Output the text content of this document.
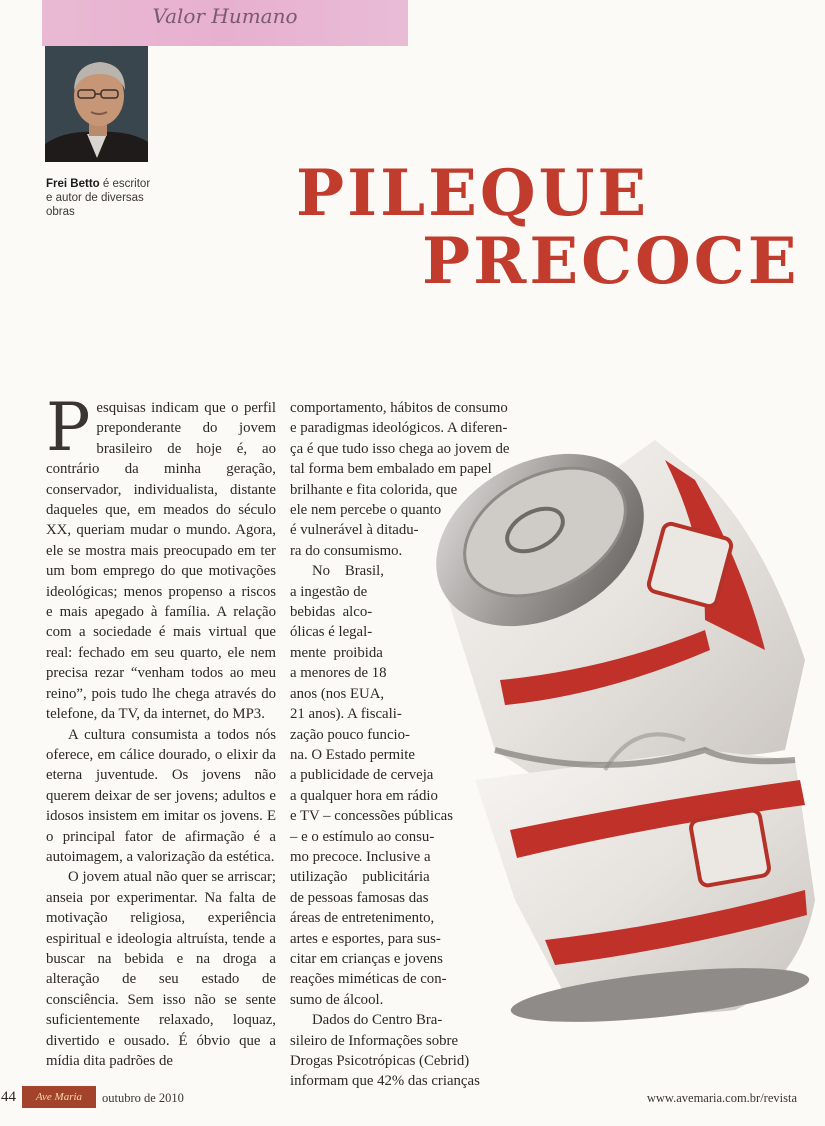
Valor Humano
Frei Betto é escritor e autor de diversas obras	PILEQUE
PRECOCE

Pesquisas indicam que o perfil preponderante do jovem brasileiro de hoje é, ao contrário da minha geração, conservador, individualista, distante daqueles que, em meados do século XX, queriam mudar o mundo. Agora, ele se mostra mais preocupado em ter um bom emprego do que motivações ideológicas; menos propenso a riscos e mais apegado à família. A relação com a sociedade é mais virtual que real: fechado em seu quarto, ele nem precisa rezar “venham todos ao meu reino”, pois tudo lhe chega através do telefone, da TV, da internet, do MP3.

A cultura consumista a todos nós oferece, em cálice dourado, o elixir da eterna juventude. Os jovens não querem deixar de ser jovens; adultos e idosos insistem em imitar os jovens. E o principal fator de afirmação é a autoimagem, a valorização da estética.

O jovem atual não quer se arriscar; anseia por experimentar. Na falta de motivação religiosa, experiência espiritual e ideologia altruísta, tende a buscar na bebida e na droga a alteração de seu estado de consciência. Sem isso não se sente suficientemente relaxado, loquaz, divertido e ousado. É óbvio que a mídia dita padrões de

comportamento, hábitos de consumo
e paradigmas ideológicos. A diferen-
ça é que tudo isso chega ao jovem de
tal forma bem embalado em papel
brilhante e fita colorida, que
ele nem percebe o quanto
é vulnerável à ditadu-
ra do consumismo.
No    Brasil,
a ingestão de
bebidas  alco-
ólicas é legal-
mente  proibida
a menores de 18
anos (nos EUA,
21 anos). A fiscali-
zação pouco funcio-
na. O Estado permite
a publicidade de cerveja
a qualquer hora em rádio
e TV – concessões públicas
– e o estímulo ao consu-
mo precoce. Inclusive a
utilização    publicitária
de pessoas famosas das
áreas de entretenimento,
artes e esportes, para sus-
citar em crianças e jovens
reações miméticas de con-
sumo de álcool.
Dados do Centro Bra-
sileiro de Informações sobre
Drogas Psicotrópicas (Cebrid)
informam que 42% das crianças
44	Ave Maria	outubro de 2010	www.avemaria.com.br/revista
